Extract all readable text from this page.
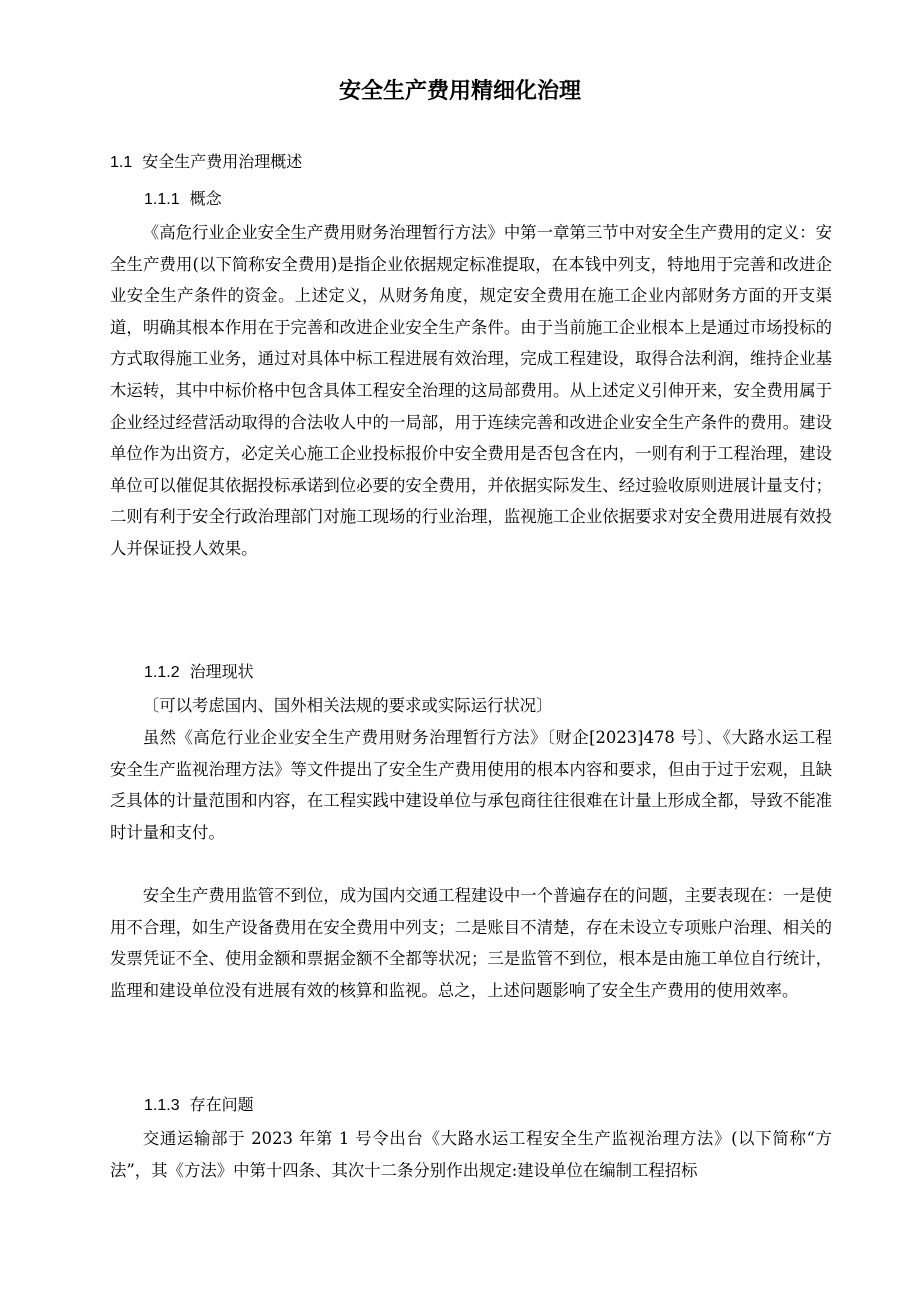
安全生产费用精细化治理
1.1 安全生产费用治理概述
1.1.1 概念

《高危行业企业安全生产费用财务治理暂行方法》中第一章第三节中对安全生产费用的定义：安全生产费用(以下简称安全费用)是指企业依据规定标准提取，在本钱中列支，特地用于完善和改进企业安全生产条件的资金。上述定义，从财务角度，规定安全费用在施工企业内部财务方面的开支渠道，明确其根本作用在于完善和改进企业安全生产条件。由于当前施工企业根本上是通过市场投标的方式取得施工业务，通过对具体中标工程进展有效治理，完成工程建设，取得合法利润，维持企业基木运转，其中中标价格中包含具体工程安全治理的这局部费用。从上述定义引伸开来，安全费用属于企业经过经营活动取得的合法收人中的一局部，用于连续完善和改进企业安全生产条件的费用。建设单位作为出资方，必定关心施工企业投标报价中安全费用是否包含在内，一则有利于工程治理，建设单位可以催促其依据投标承诺到位必要的安全费用，并依据实际发生、经过验收原则进展计量支付；二则有利于安全行政治理部门对施工现场的行业治理，监视施工企业依据要求对安全费用进展有效投人并保证投人效果。

1.1.2 治理现状

〔可以考虑国内、国外相关法规的要求或实际运行状况〕

虽然《高危行业企业安全生产费用财务治理暂行方法》〔财企[2023]478 号〕、《大路水运工程安全生产监视治理方法》等文件提出了安全生产费用使用的根本内容和要求，但由于过于宏观，且缺乏具体的计量范围和内容，在工程实践中建设单位与承包商往往很难在计量上形成全都，导致不能准时计量和支付。

安全生产费用监管不到位，成为国内交通工程建设中一个普遍存在的问题，主要表现在：一是使用不合理，如生产设备费用在安全费用中列支；二是账目不清楚，存在未设立专项账户治理、相关的发票凭证不全、使用金额和票据金额不全都等状况；三是监管不到位，根本是由施工单位自行统计，监理和建设单位没有进展有效的核算和监视。总之，上述问题影响了安全生产费用的使用效率。

1.1.3 存在问题

交通运输部于 2023 年第 1 号令出台《大路水运工程安全生产监视治理方法》(以下简称“方法”，其《方法》中第十四条、其次十二条分别作出规定:建设单位在编制工程招标
